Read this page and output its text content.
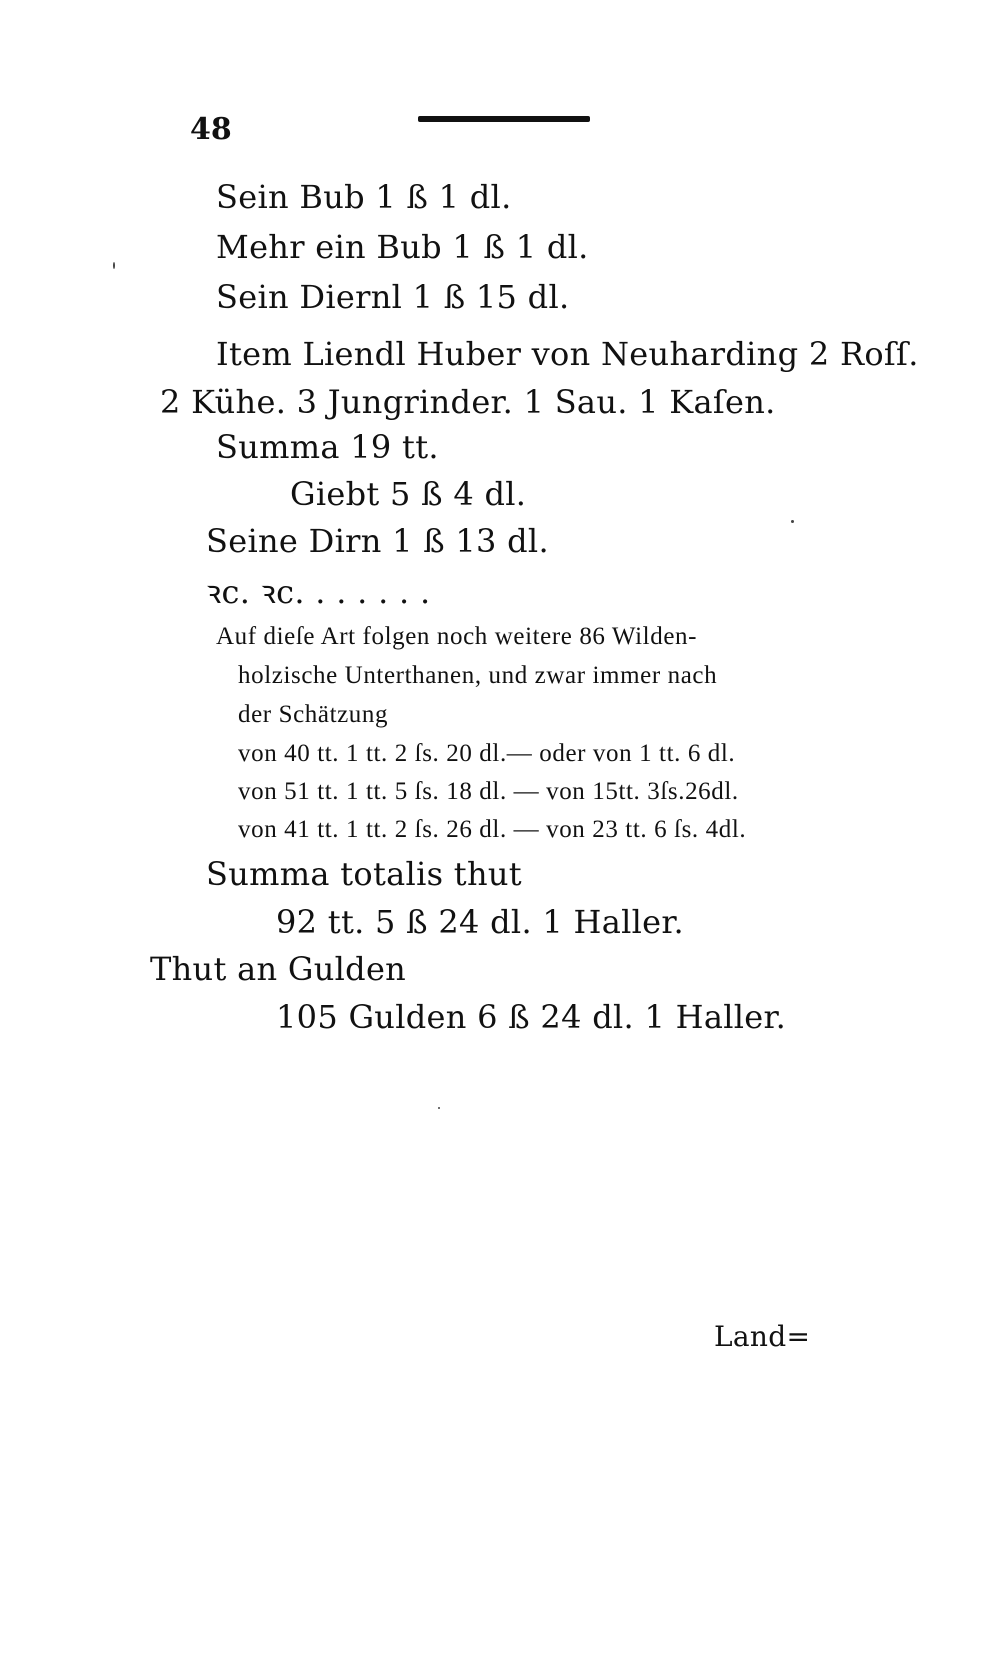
48
Sein Bub 1 ß 1 dl.
Mehr ein Bub 1 ß 1 dl.
Sein Diernl 1 ß 15 dl.
Item Liendl Huber von Neuharding 2 Roſſ.
2 Kühe. 3 Jungrinder. 1 Sau. 1 Kaſen.
Summa 19 tt.
Giebt 5 ß 4 dl.
Seine Dirn 1 ß 13 dl.
ꝛc. ꝛc. . . . . . .
Auf dieſe Art folgen noch weitere 86 Wilden-
holzische Unterthanen, und zwar immer nach
der Schätzung
von 40 tt. 1 tt. 2 ſs. 20 dl.— oder von 1 tt. 6 dl.
von 51 tt. 1 tt. 5 ſs. 18 dl. — von 15tt. 3ſs.26dl.
von 41 tt. 1 tt. 2 ſs. 26 dl. — von 23 tt. 6 ſs. 4dl.
Summa totalis thut
92 tt. 5 ß 24 dl. 1 Haller.
Thut an Gulden
105 Gulden 6 ß 24 dl. 1 Haller.
Land=
